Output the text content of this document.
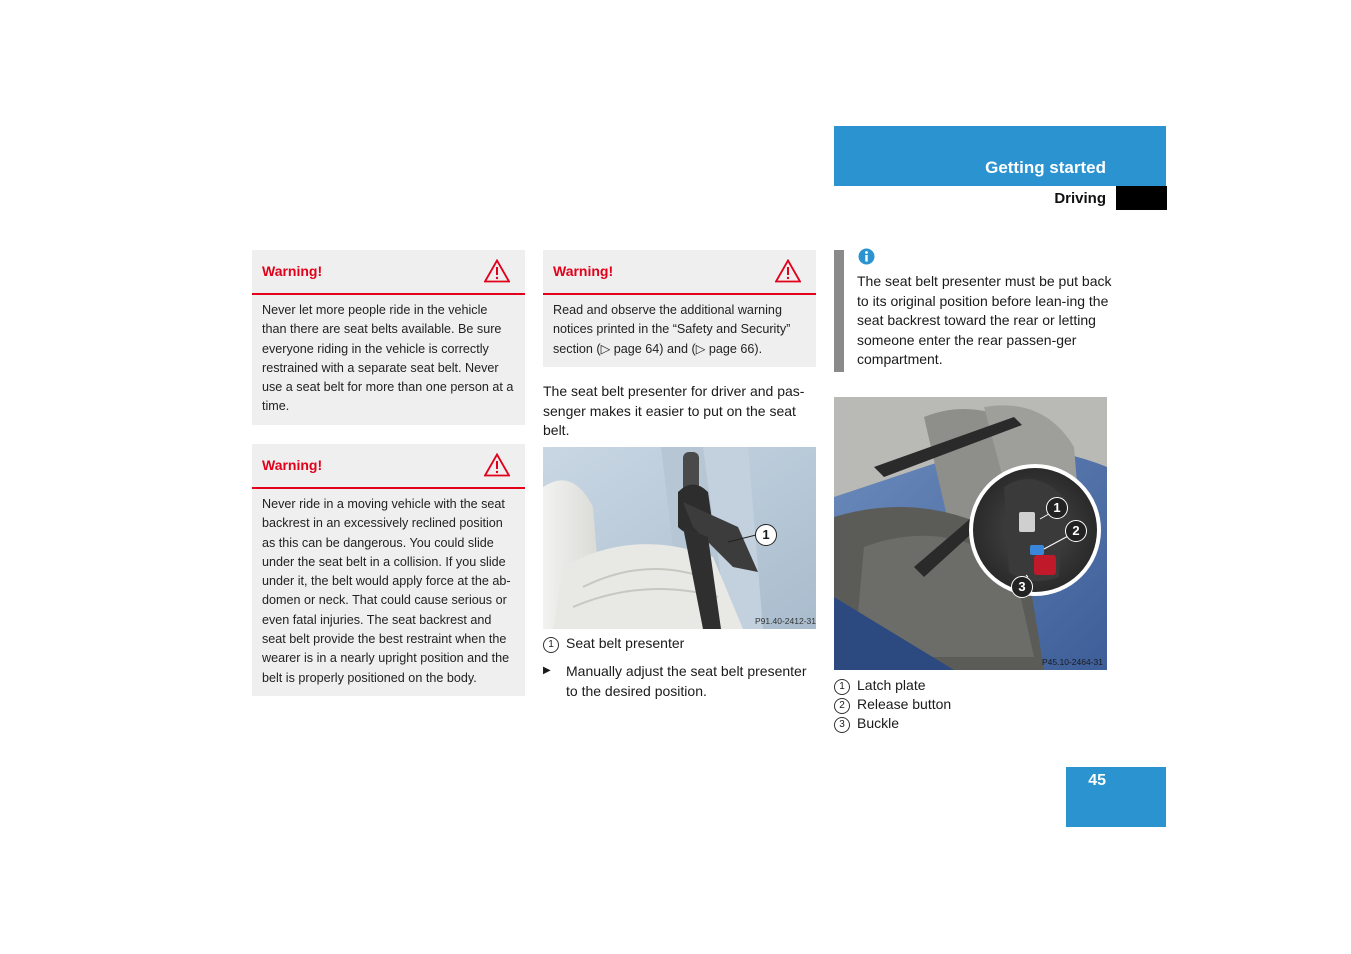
Getting started
Driving
Warning!
Never let more people ride in the vehicle than there are seat belts available. Be sure everyone riding in the vehicle is correctly restrained with a separate seat belt. Never use a seat belt for more than one person at a time.
Warning!
Never ride in a moving vehicle with the seat backrest in an excessively reclined position as this can be dangerous. You could slide under the seat belt in a collision. If you slide under it, the belt would apply force at the ab-domen or neck. That could cause serious or even fatal injuries. The seat backrest and seat belt provide the best restraint when the wearer is in a nearly upright position and the belt is properly positioned on the body.
Warning!
Read and observe the additional warning notices printed in the “Safety and Security” section (▷ page 64) and (▷ page 66).
The seat belt presenter for driver and pas-senger makes it easier to put on the seat belt.
1
P91.40-2412-31
1 Seat belt presenter
▶ Manually adjust the seat belt presenter to the desired position.
The seat belt presenter must be put back to its original position before lean-ing the seat backrest toward the rear or letting someone enter the rear passen-ger compartment.
1
2
3
P45.10-2464-31
1 Latch plate
2 Release button
3 Buckle
45
